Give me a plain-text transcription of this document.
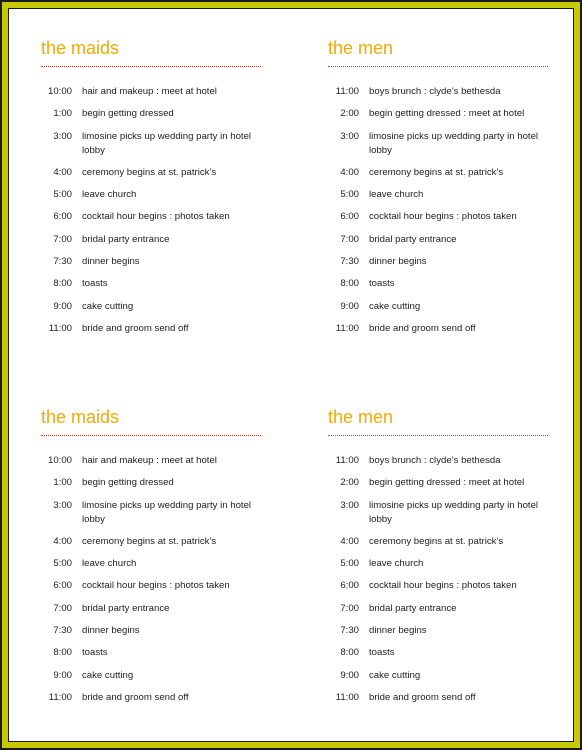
the maids
10:00	hair and makeup : meet at hotel
1:00	begin getting dressed
3:00	limosine picks up wedding party in hotel lobby
4:00	ceremony begins at st. patrick’s
5:00	leave church
6:00	cocktail hour begins : photos taken
7:00	bridal party entrance
7:30	dinner begins
8:00	toasts
9:00	cake cutting
11:00	bride and groom send off
the men
11:00	boys brunch : clyde’s bethesda
2:00	begin getting dressed : meet at hotel
3:00	limosine picks up wedding party in hotel lobby
4:00	ceremony begins at st. patrick’s
5:00	leave church
6:00	cocktail hour begins : photos taken
7:00	bridal party entrance
7:30	dinner begins
8:00	toasts
9:00	cake cutting
11:00	bride and groom send off
the maids
10:00	hair and makeup : meet at hotel
1:00	begin getting dressed
3:00	limosine picks up wedding party in hotel lobby
4:00	ceremony begins at st. patrick’s
5:00	leave church
6:00	cocktail hour begins : photos taken
7:00	bridal party entrance
7:30	dinner begins
8:00	toasts
9:00	cake cutting
11:00	bride and groom send off
the men
11:00	boys brunch : clyde’s bethesda
2:00	begin getting dressed : meet at hotel
3:00	limosine picks up wedding party in hotel lobby
4:00	ceremony begins at st. patrick’s
5:00	leave church
6:00	cocktail hour begins : photos taken
7:00	bridal party entrance
7:30	dinner begins
8:00	toasts
9:00	cake cutting
11:00	bride and groom send off
